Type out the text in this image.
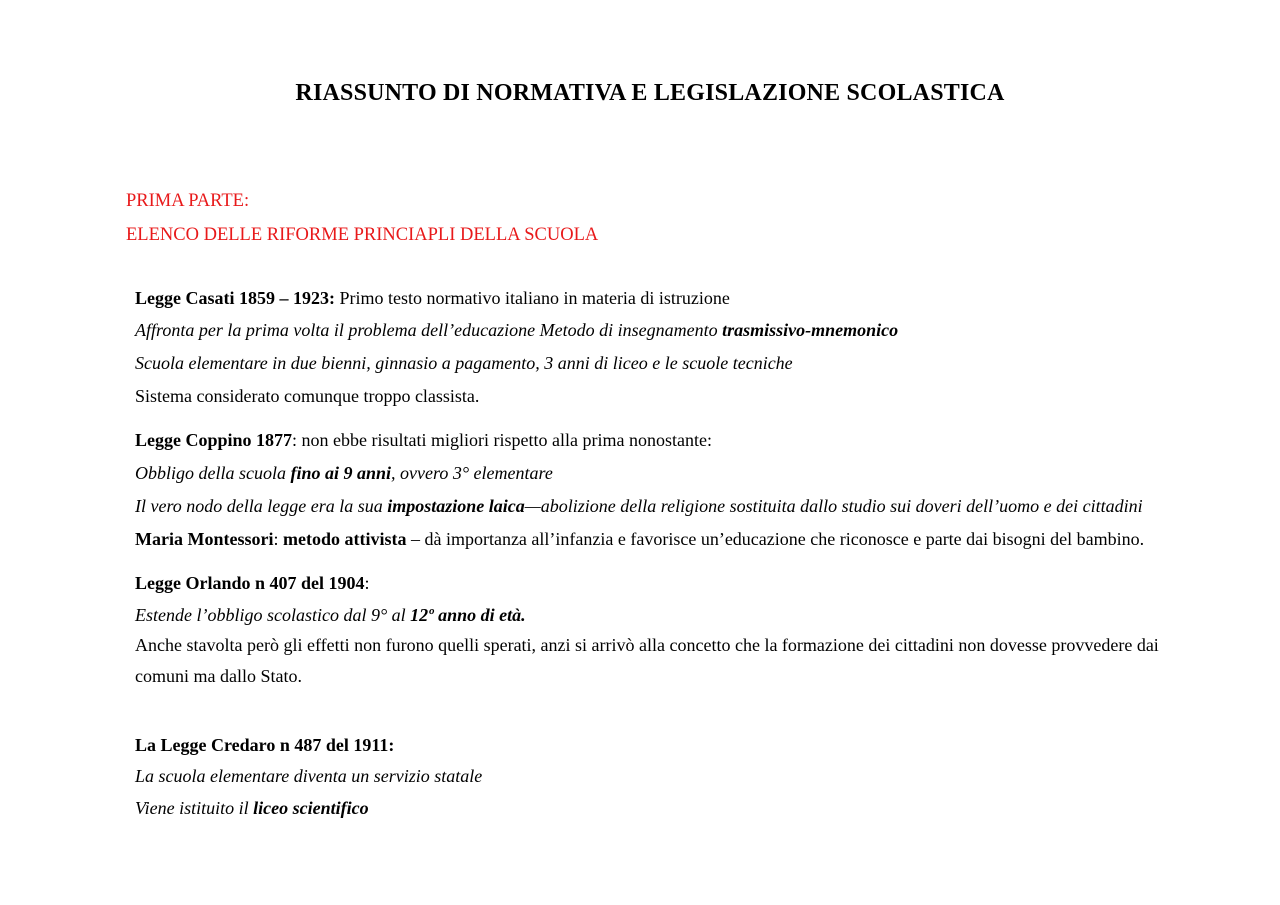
RIASSUNTO DI NORMATIVA E LEGISLAZIONE SCOLASTICA
PRIMA PARTE:
ELENCO DELLE RIFORME PRINCIAPLI DELLA SCUOLA
Legge Casati 1859 – 1923: Primo testo normativo italiano in materia di istruzione
Affronta per la prima volta il problema dell’educazione Metodo di insegnamento trasmissivo-mnemonico
Scuola elementare in due bienni, ginnasio a pagamento, 3 anni di liceo e le scuole tecniche
Sistema considerato comunque troppo classista.
Legge Coppino 1877: non ebbe risultati migliori rispetto alla prima nonostante:
Obbligo della scuola fino ai 9 anni, ovvero 3° elementare
Il vero nodo della legge era la sua impostazione laica—abolizione della religione sostituita dallo studio sui doveri dell’uomo e dei cittadini
Maria Montessori: metodo attivista – dà importanza all’infanzia e favorisce un’educazione che riconosce e parte dai bisogni del bambino.
Legge Orlando n 407 del 1904:
Estende l’obbligo scolastico dal 9° al 12º anno di età.
Anche stavolta però gli effetti non furono quelli sperati, anzi si arrivò alla concetto che la formazione dei cittadini non dovesse provvedere dai comuni ma dallo Stato.
La Legge Credaro n 487 del 1911:
La scuola elementare diventa un servizio statale
Viene istituito il liceo scientifico
